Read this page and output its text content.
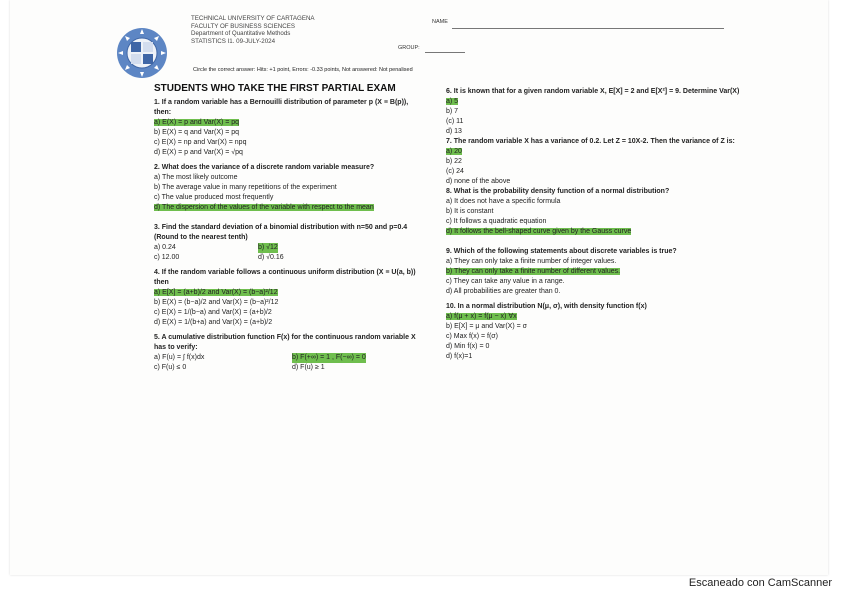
TECHNICAL UNIVERSITY OF CARTAGENA
FACULTY OF BUSINESS SCIENCES
Department of Quantitative Methods
STATISTICS I1. 09-JULY-2024
NAME
GROUP:
Circle the correct answer: Hits: +1 point, Errors: -0.33 points, Not answered: Not penalised
STUDENTS WHO TAKE THE FIRST PARTIAL EXAM
1. If a random variable has a Bernouilli distribution of parameter p (X ≡ B(p)), then:
a) E(X) = p and Var(X) = pq
b) E(X) = q and Var(X) = pq
c) E(X) = np and Var(X) = npq
d) E(X) = p and Var(X) = √pq
2. What does the variance of a discrete random variable measure?
a) The most likely outcome
b) The average value in many repetitions of the experiment
c) The value produced most frequently
d) The dispersion of the values of the variable with respect to the mean
3. Find the standard deviation of a binomial distribution with n=50 and p=0.4 (Round to the nearest tenth)
a) 0.24	b) √12
c) 12.00	d) √0.16
4. If the random variable follows a continuous uniform distribution (X ≡ U(a, b)) then
a) E[X] = (a+b)/2 and Var(X) = (b−a)²/12
b) E(X) = (b−a)/2 and Var(X) = (b−a)²/12
c) E(X) = 1/(b−a) and Var(X) = (a+b)/2
d) E(X) = 1/(b+a) and Var(X) = (a+b)/2
5. A cumulative distribution function F(x) for the continuous random variable X has to verify:
a) F(u) = ∫ f(x)dx	b) F(+∞) = 1 , F(−∞) = 0
c) F(u) ≤ 0	d) F(u) ≥ 1
6. It is known that for a given random variable X, E[X] = 2 and E[X²] = 9. Determine Var(X)
a) 5
b) 7
(c) 11
d) 13
7. The random variable X has a variance of 0.2. Let Z = 10X-2. Then the variance of Z is:
a) 20
b) 22
(c) 24
d) none of the above
8. What is the probability density function of a normal distribution?
a) It does not have a specific formula
b) It is constant
c) It follows a quadratic equation
d) It follows the bell-shaped curve given by the Gauss curve
9. Which of the following statements about discrete variables is true?
a) They can only take a finite number of integer values.
b) They can only take a finite number of different values.
c) They can take any value in a range.
d) All probabilities are greater than 0.
10. In a normal distribution N(μ, σ), with density function f(x)
a) f(μ + x) = f(μ − x) ∀x
b) E[X] = μ and Var(X) = σ
c) Max f(x) = f(σ)
d) Min f(x) = 0
d) f(x)=1
Escaneado con CamScanner
